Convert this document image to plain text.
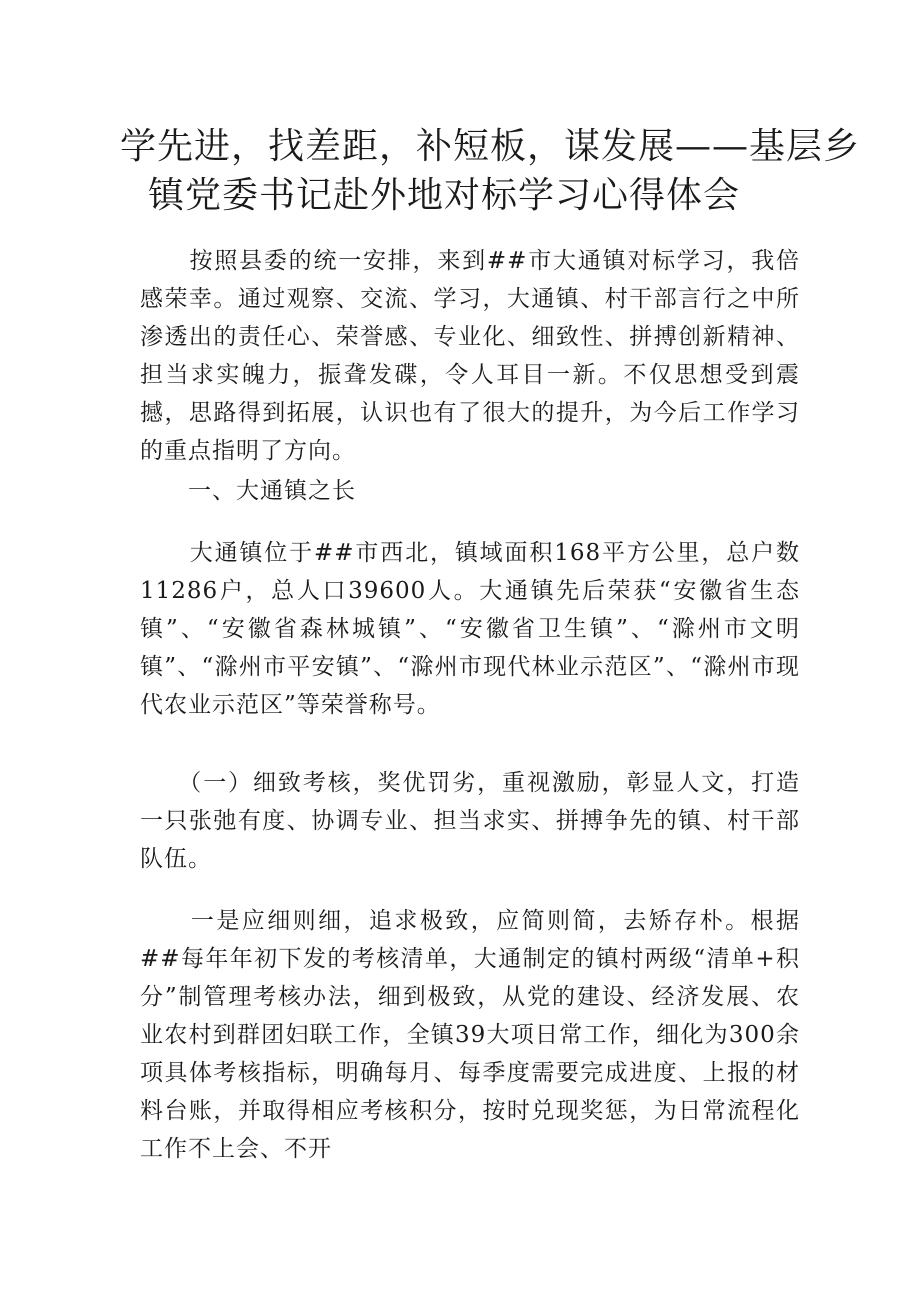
学先进，找差距，补短板，谋发展——基层乡
镇党委书记赴外地对标学习心得体会
　　按照县委的统一安排，来到##市大通镇对标学习，我倍感荣幸。通过观察、交流、学习，大通镇、村干部言行之中所渗透出的责任心、荣誉感、专业化、细致性、拼搏创新精神、担当求实魄力，振聋发碟，令人耳目一新。不仅思想受到震撼，思路得到拓展，认识也有了很大的提升，为今后工作学习的重点指明了方向。
　　一、大通镇之长
　　大通镇位于##市西北，镇域面积168平方公里，总户数11286户，总人口39600人。大通镇先后荣获“安徽省生态镇”、“安徽省森林城镇”、“安徽省卫生镇”、“滁州市文明镇”、“滁州市平安镇”、“滁州市现代林业示范区”、“滁州市现代农业示范区”等荣誉称号。
　　（一）细致考核，奖优罚劣，重视激励，彰显人文，打造一只张弛有度、协调专业、担当求实、拼搏争先的镇、村干部队伍。
　　一是应细则细，追求极致，应简则简，去矫存朴。根据##每年年初下发的考核清单，大通制定的镇村两级“清单+积分”制管理考核办法，细到极致，从党的建设、经济发展、农业农村到群团妇联工作，全镇39大项日常工作，细化为300余项具体考核指标，明确每月、每季度需要完成进度、上报的材料台账，并取得相应考核积分，按时兑现奖惩，为日常流程化工作不上会、不开
